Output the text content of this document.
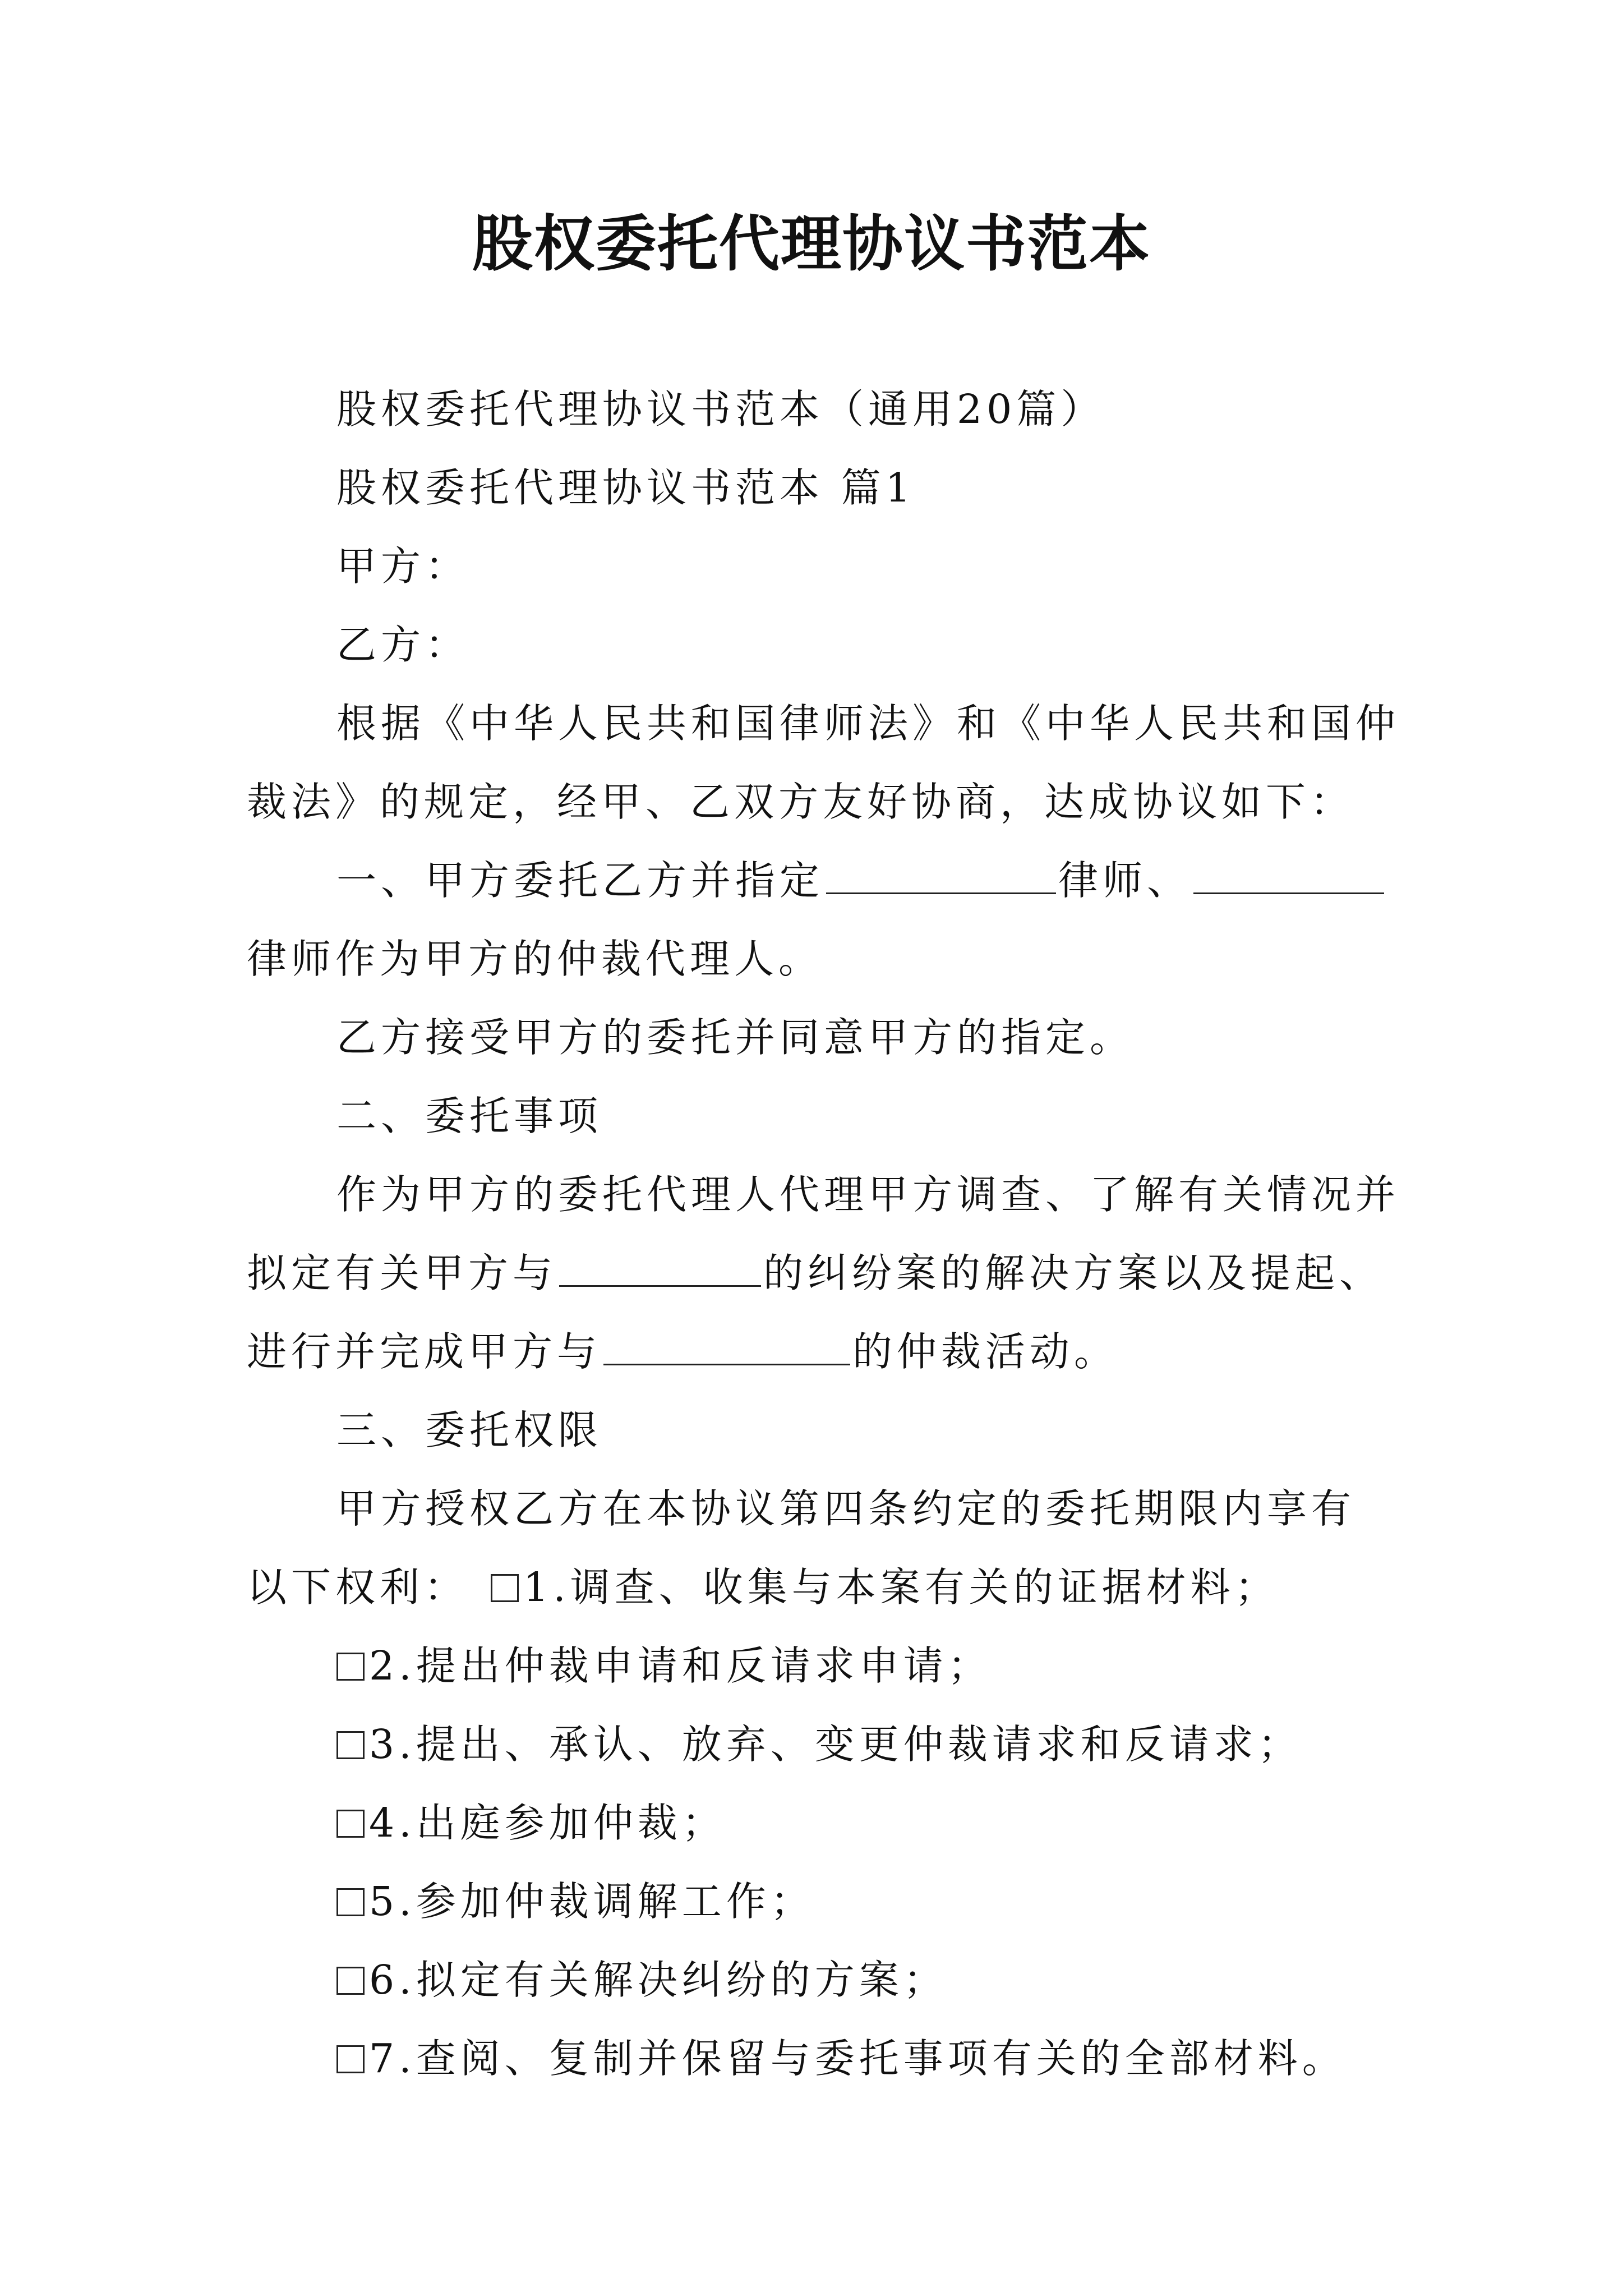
股权委托代理协议书范本
股权委托代理协议书范本（通用20篇）
股权委托代理协议书范本 篇1
甲方：
乙方：
根据《中华人民共和国律师法》和《中华人民共和国仲
裁法》的规定，经甲、乙双方友好协商，达成协议如下：
一、甲方委托乙方并指定	律师、
律师作为甲方的仲裁代理人。
乙方接受甲方的委托并同意甲方的指定。
二、委托事项
作为甲方的委托代理人代理甲方调查、了解有关情况并
拟定有关甲方与	的纠纷案的解决方案以及提起、
进行并完成甲方与	的仲裁活动。
三、委托权限
甲方授权乙方在本协议第四条约定的委托期限内享有
以下权利： 1.调查、收集与本案有关的证据材料；
2.提出仲裁申请和反请求申请；
3.提出、承认、放弃、变更仲裁请求和反请求；
4.出庭参加仲裁；
5.参加仲裁调解工作；
6.拟定有关解决纠纷的方案；
7.查阅、复制并保留与委托事项有关的全部材料。
